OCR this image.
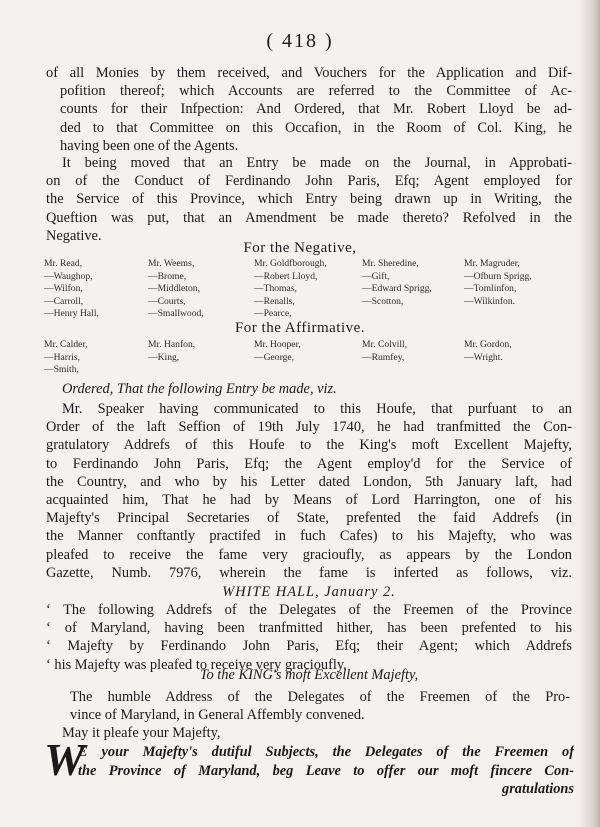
( 418 )
of all Monies by them received, and Vouchers for the Application and Dif-
pofition thereof; which Accounts are referred to the Committee of Ac-
counts for their Infpection: And Ordered, that Mr. Robert Lloyd be ad-
ded to that Committee on this Occafion, in the Room of Col. King, he
having been one of the Agents.
It being moved that an Entry be made on the Journal, in Approbati-
on of the Conduct of Ferdinando John Paris, Efq; Agent employed for
the Service of this Province, which Entry being drawn up in Writing, the
Queftion was put, that an Amendment be made thereto? Refolved in the
Negative.
For the Negative,
Mr. Read,
—Waughop,
—Wilfon,
—Carroll,
—Henry Hall,
Mr. Weems,
—Brome,
—Middleton,
—Courts,
—Smallwood,
Mr. Goldfborough,
—Robert Lloyd,
—Thomas,
—Renalls,
—Pearce,
Mr. Sheredine,
—Gift,
—Edward Sprigg,
—Scotton,
Mr. Magruder,
—Ofburn Sprigg,
—Tomlinfon,
—Wilkinfon.
For the Affirmative.
Mr. Calder,
—Harris,
—Smith,
Mr. Hanfon,
—King,
Mr. Hooper,
—George,
Mr. Colvill,
—Rumfey,
Mr. Gordon,
—Wright.
Ordered, That the following Entry be made, viz.
Mr. Speaker having communicated to this Houfe, that purfuant to an
Order of the laft Seffion of 19th July 1740, he had tranfmitted the Con-
gratulatory Addrefs of this Houfe to the King's moft Excellent Majefty,
to Ferdinando John Paris, Efq; the Agent employ'd for the Service of
the Country, and who by his Letter dated London, 5th January laft, had
acquainted him, That he had by Means of Lord Harrington, one of his
Majefty's Principal Secretaries of State, prefented the faid Addrefs (in
the Manner conftantly practifed in fuch Cafes) to his Majefty, who was
pleafed to receive the fame very gracioufly, as appears by the London
Gazette, Numb. 7976, wherein the fame is inferted as follows, viz.
WHITE HALL, January 2.
‘ The following Addrefs of the Delegates of the Freemen of the Province
‘ of Maryland, having been tranfmitted hither, has been prefented to his
‘ Majefty by Ferdinando John Paris, Efq; their Agent; which Addrefs
‘ his Majefty was pleafed to receive very gracioufly.
To the KING's moft Excellent Majefty,
The humble Address of the Delegates of the Freemen of the Pro-
vince of Maryland, in General Affembly convened.
May it pleafe your Majefty,
W
E your Majefty's dutiful Subjects, the Delegates of the Freemen of
the Province of Maryland, beg Leave to offer our moft fincere Con-
gratulations
